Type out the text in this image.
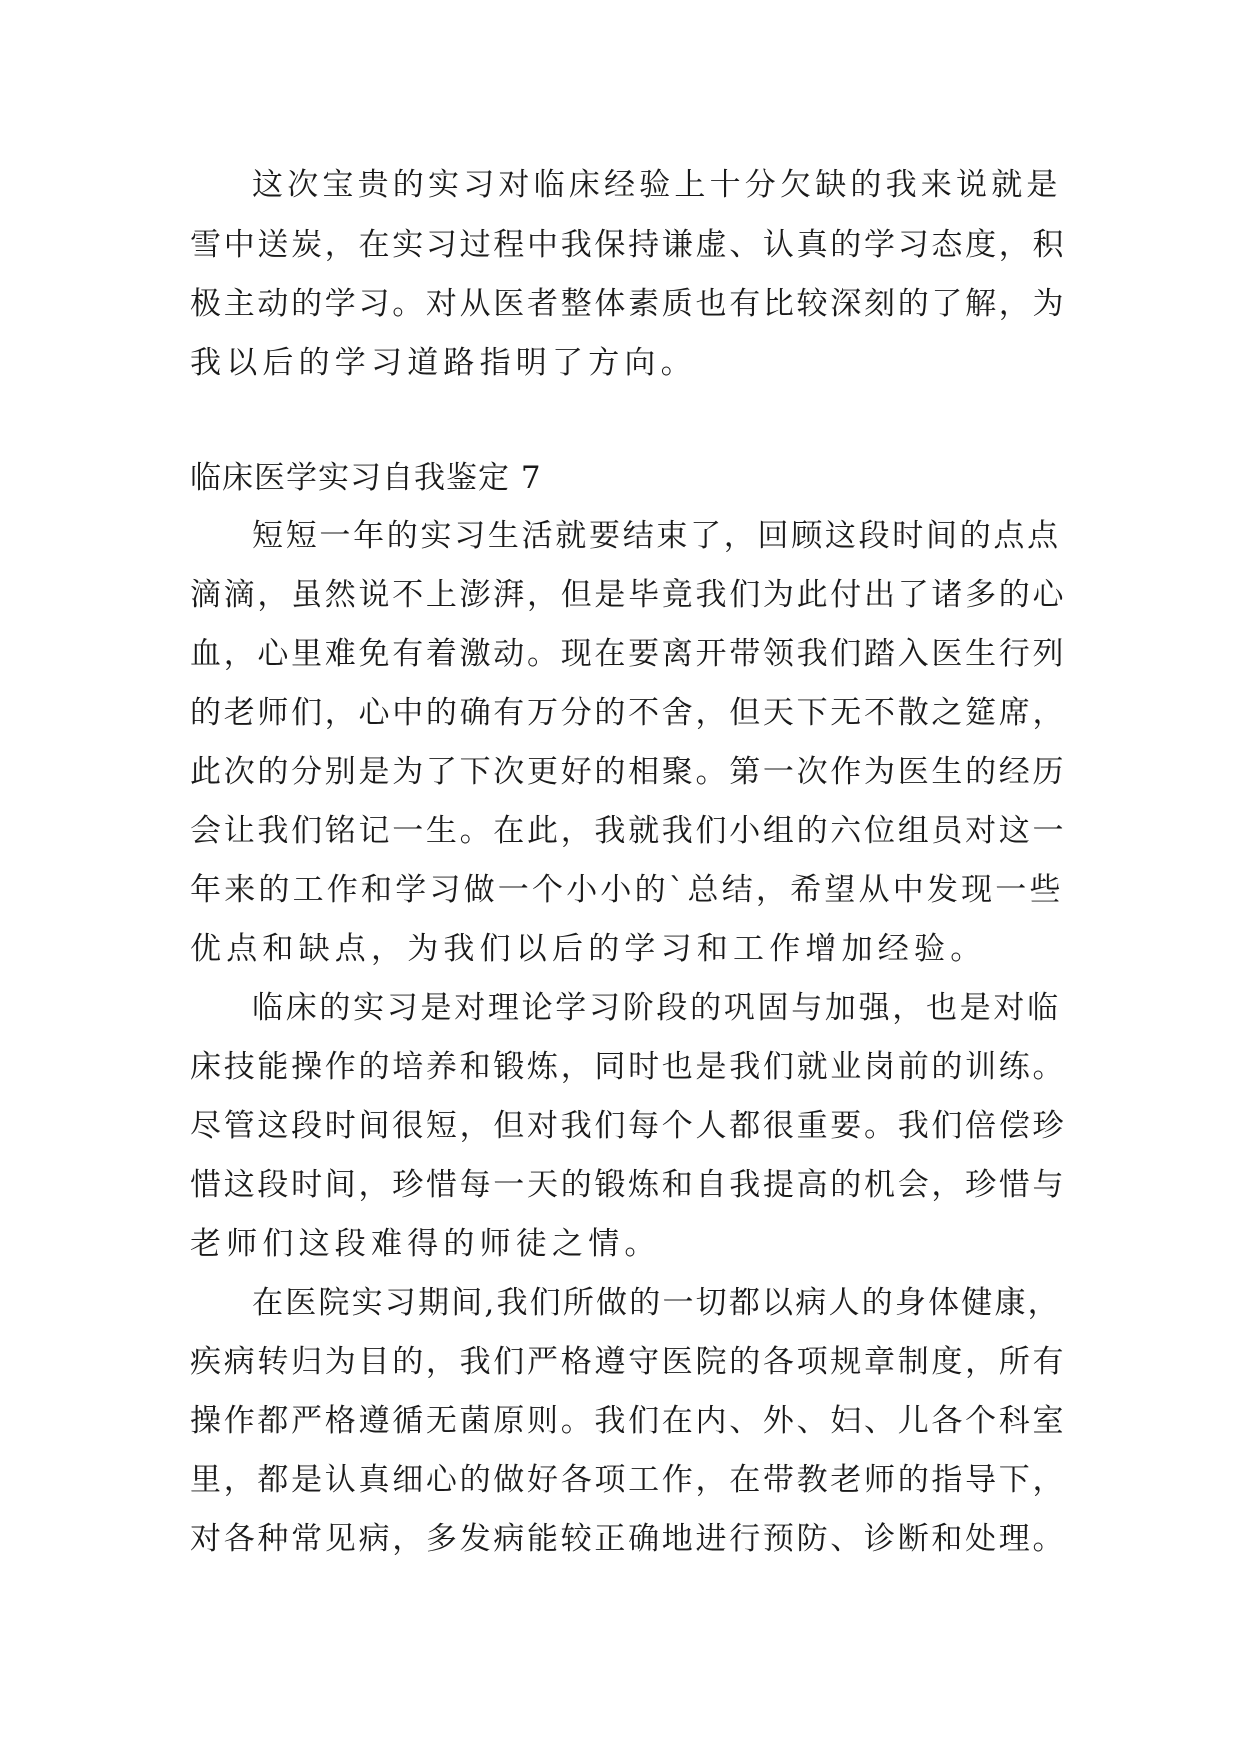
这次宝贵的实习对临床经验上十分欠缺的我来说就是
雪中送炭，在实习过程中我保持谦虚、认真的学习态度，积
极主动的学习。对从医者整体素质也有比较深刻的了解，为
我以后的学习道路指明了方向。
临床医学实习自我鉴定 7
短短一年的实习生活就要结束了，回顾这段时间的点点
滴滴，虽然说不上澎湃，但是毕竟我们为此付出了诸多的心
血，心里难免有着激动。现在要离开带领我们踏入医生行列
的老师们，心中的确有万分的不舍，但天下无不散之筵席，
此次的分别是为了下次更好的相聚。第一次作为医生的经历
会让我们铭记一生。在此，我就我们小组的六位组员对这一
年来的工作和学习做一个小小的`总结，希望从中发现一些
优点和缺点，为我们以后的学习和工作增加经验。
临床的实习是对理论学习阶段的巩固与加强，也是对临
床技能操作的培养和锻炼，同时也是我们就业岗前的训练。
尽管这段时间很短，但对我们每个人都很重要。我们倍偿珍
惜这段时间，珍惜每一天的锻炼和自我提高的机会，珍惜与
老师们这段难得的师徒之情。
在医院实习期间,我们所做的一切都以病人的身体健康，
疾病转归为目的，我们严格遵守医院的各项规章制度，所有
操作都严格遵循无菌原则。我们在内、外、妇、儿各个科室
里，都是认真细心的做好各项工作，在带教老师的指导下，
对各种常见病，多发病能较正确地进行预防、诊断和处理。
